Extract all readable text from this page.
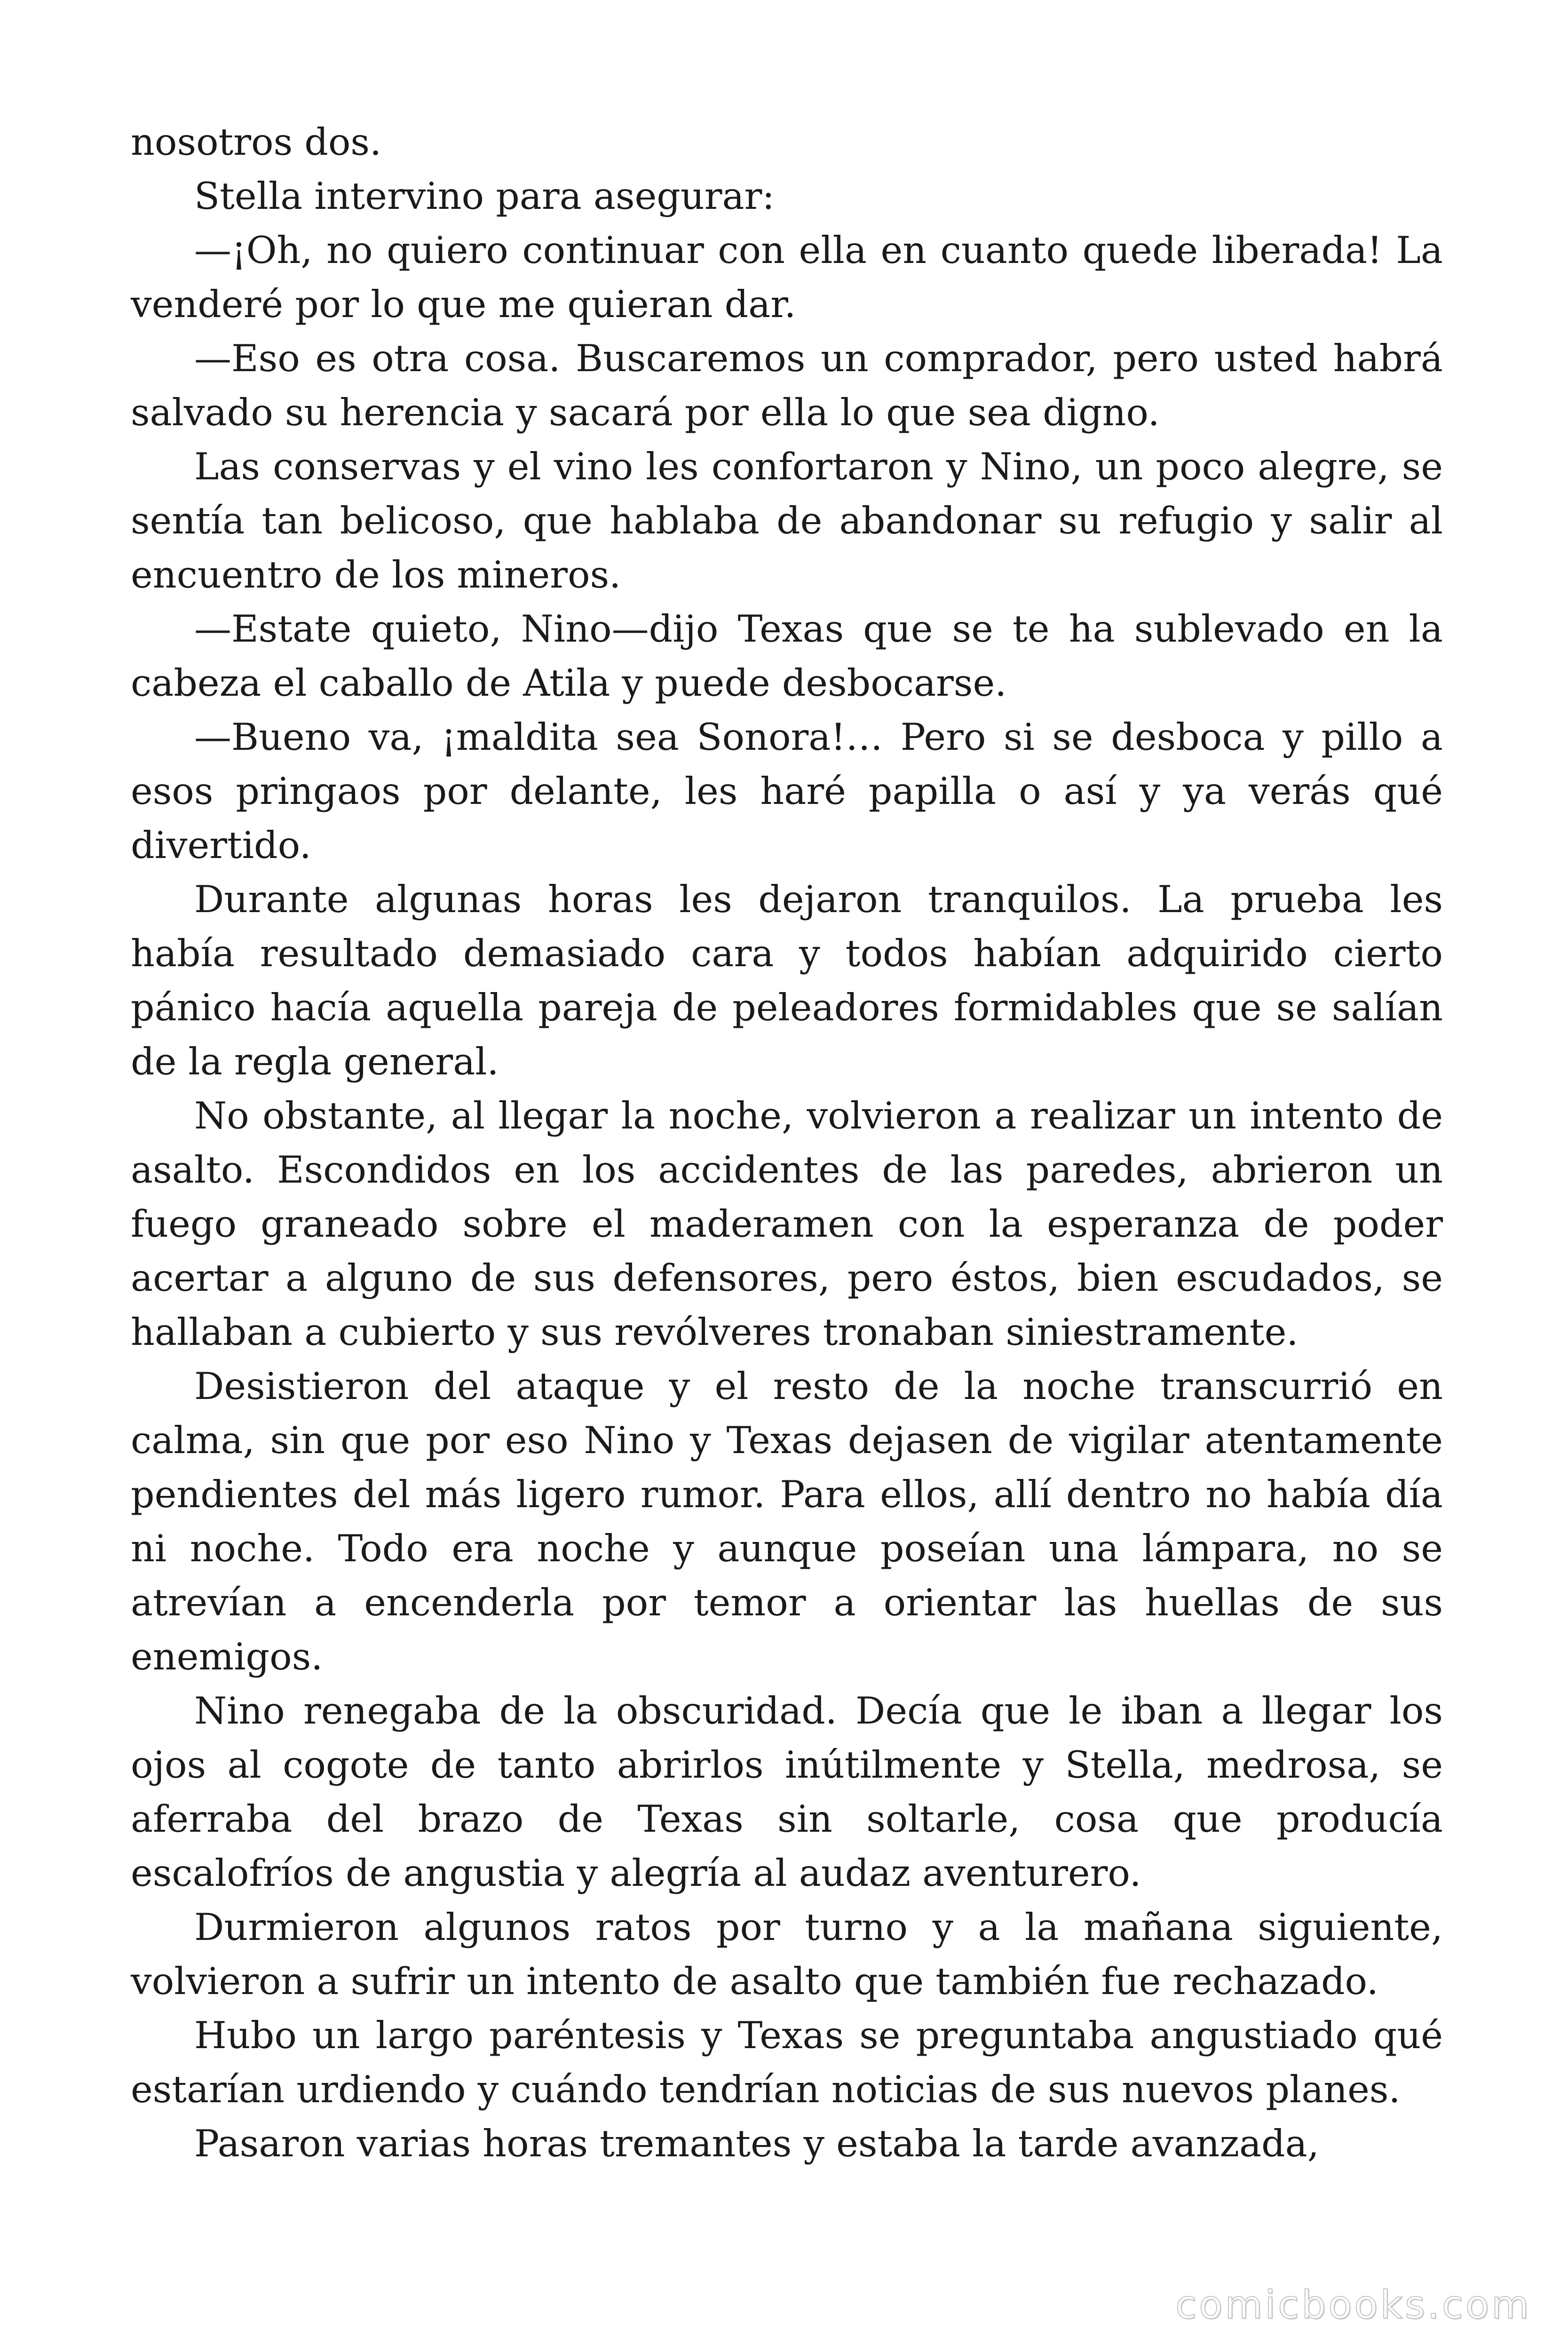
nosotros dos.

Stella intervino para asegurar:

—¡Oh, no quiero continuar con ella en cuanto quede liberada! La venderé por lo que me quieran dar.

—Eso es otra cosa. Buscaremos un comprador, pero usted habrá salvado su herencia y sacará por ella lo que sea digno.

Las conservas y el vino les confortaron y Nino, un poco alegre, se sentía tan belicoso, que hablaba de abandonar su refugio y salir al encuentro de los mineros.

—Estate quieto, Nino—dijo Texas que se te ha sublevado en la cabeza el caballo de Atila y puede desbocarse.

—Bueno va, ¡maldita sea Sonora!… Pero si se desboca y pillo a esos pringaos por delante, les haré papilla o así y ya verás qué divertido.

Durante algunas horas les dejaron tranquilos. La prueba les había resultado demasiado cara y todos habían adquirido cierto pánico hacía aquella pareja de peleadores formidables que se salían de la regla general.

No obstante, al llegar la noche, volvieron a realizar un intento de asalto. Escondidos en los accidentes de las paredes, abrieron un fuego graneado sobre el maderamen con la esperanza de poder acertar a alguno de sus defensores, pero éstos, bien escudados, se hallaban a cubierto y sus revólveres tronaban siniestramente.

Desistieron del ataque y el resto de la noche transcurrió en calma, sin que por eso Nino y Texas dejasen de vigilar atentamente pendientes del más ligero rumor. Para ellos, allí dentro no había día ni noche. Todo era noche y aunque poseían una lámpara, no se atrevían a encenderla por temor a orientar las huellas de sus enemigos.

Nino renegaba de la obscuridad. Decía que le iban a llegar los ojos al cogote de tanto abrirlos inútilmente y Stella, medrosa, se aferraba del brazo de Texas sin soltarle, cosa que producía escalofríos de angustia y alegría al audaz aventurero.

Durmieron algunos ratos por turno y a la mañana siguiente, volvieron a sufrir un intento de asalto que también fue rechazado.

Hubo un largo paréntesis y Texas se preguntaba angustiado qué estarían urdiendo y cuándo tendrían noticias de sus nuevos planes.

Pasaron varias horas tremantes y estaba la tarde avanzada,

comicbooks.com
